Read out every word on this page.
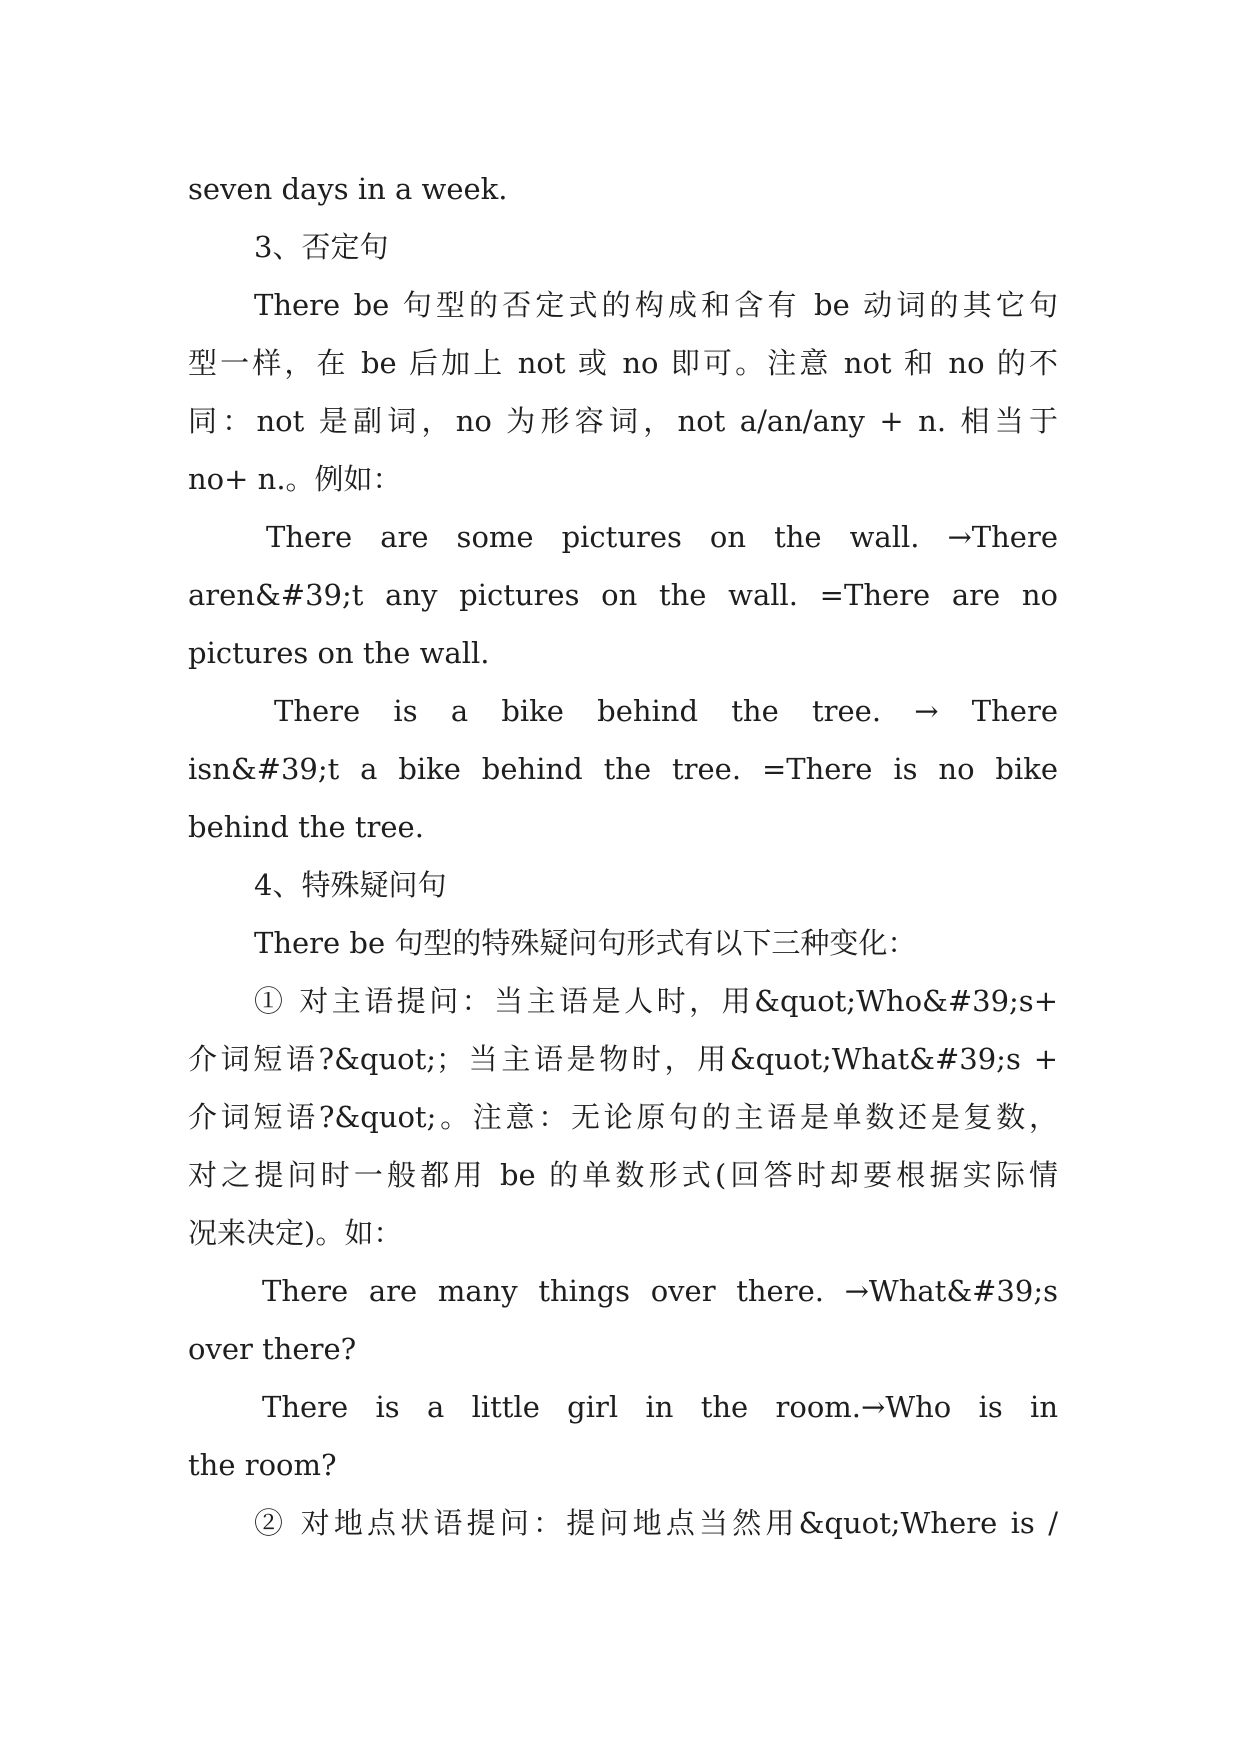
seven days in a week.
3、否定句
There be 句型的否定式的构成和含有 be 动词的其它句
型一样，在 be 后加上 not 或 no 即可。注意 not 和 no 的不
同：not 是副词，no 为形容词，not a/an/any + n. 相当于
no+ n.。例如：
There are some pictures on the wall. →There
aren&#39;t any pictures on the wall. =There are no
pictures on the wall.
There is a bike behind the tree. → There
isn&#39;t a bike behind the tree. =There is no bike
behind the tree.
4、特殊疑问句
There be 句型的特殊疑问句形式有以下三种变化：
① 对主语提问：当主语是人时，用&quot;Who&#39;s+
介词短语?&quot;；当主语是物时，用&quot;What&#39;s +
介词短语?&quot;。注意：无论原句的主语是单数还是复数，
对之提问时一般都用 be 的单数形式(回答时却要根据实际情
况来决定)。如：
There are many things over there. →What&#39;s
over there?
There is a little girl in the room.→Who is in
the room?
② 对地点状语提问：提问地点当然用&quot;Where is /
